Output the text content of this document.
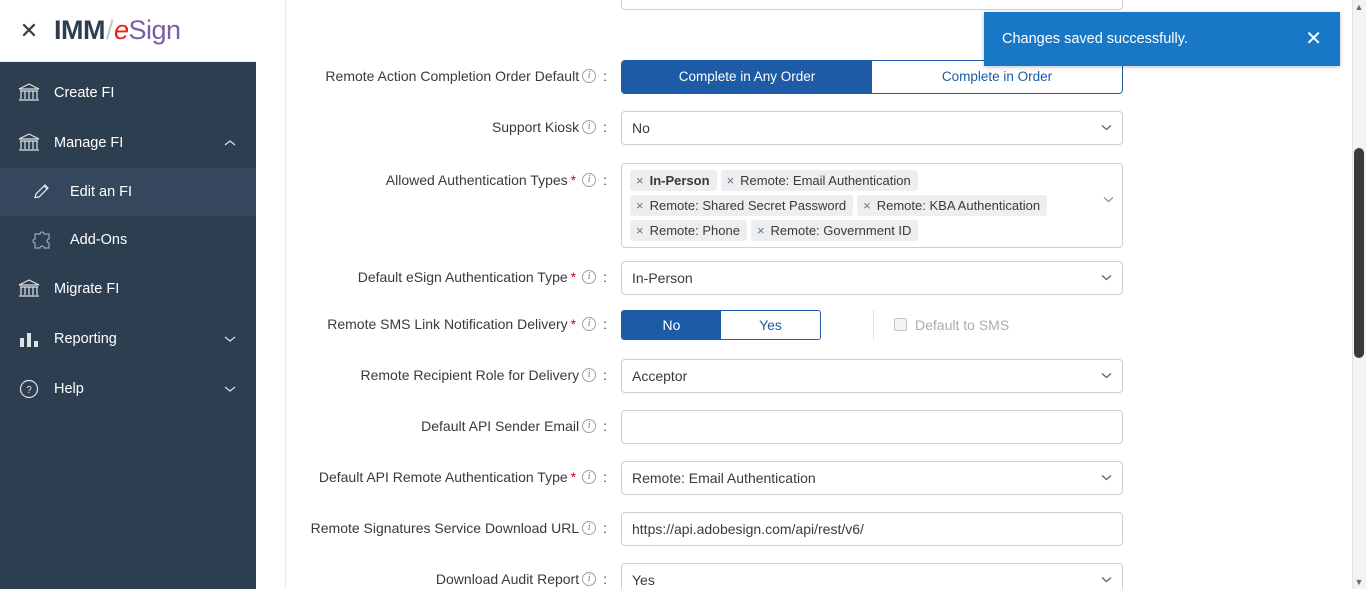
✕ IMM / e Sign
Create FI
Manage FI
Edit an FI
Add-Ons
Migrate FI
Reporting
?	Help
Remote Action Completion Order Default i :	Complete in Any Order	Complete in Order
Support Kiosk i : No
Allowed Authentication Types *	i :	× In-Person	× Remote: Email Authentication
× Remote: Shared Secret Password	× Remote: KBA Authentication
× Remote: Phone	× Remote: Government ID
Default eSign Authentication Type *	i : In-Person
Remote SMS Link Notification Delivery *	i :	No	Yes	Default to SMS
Remote Recipient Role for Delivery i : Acceptor
Default API Sender Email i :
Default API Remote Authentication Type *	i : Remote: Email Authentication
Remote Signatures Service Download URL i :
https://api.adobesign.com/api/rest/v6/
Download Audit Report i : Yes
Changes saved successfully.	✕
▲
▼
